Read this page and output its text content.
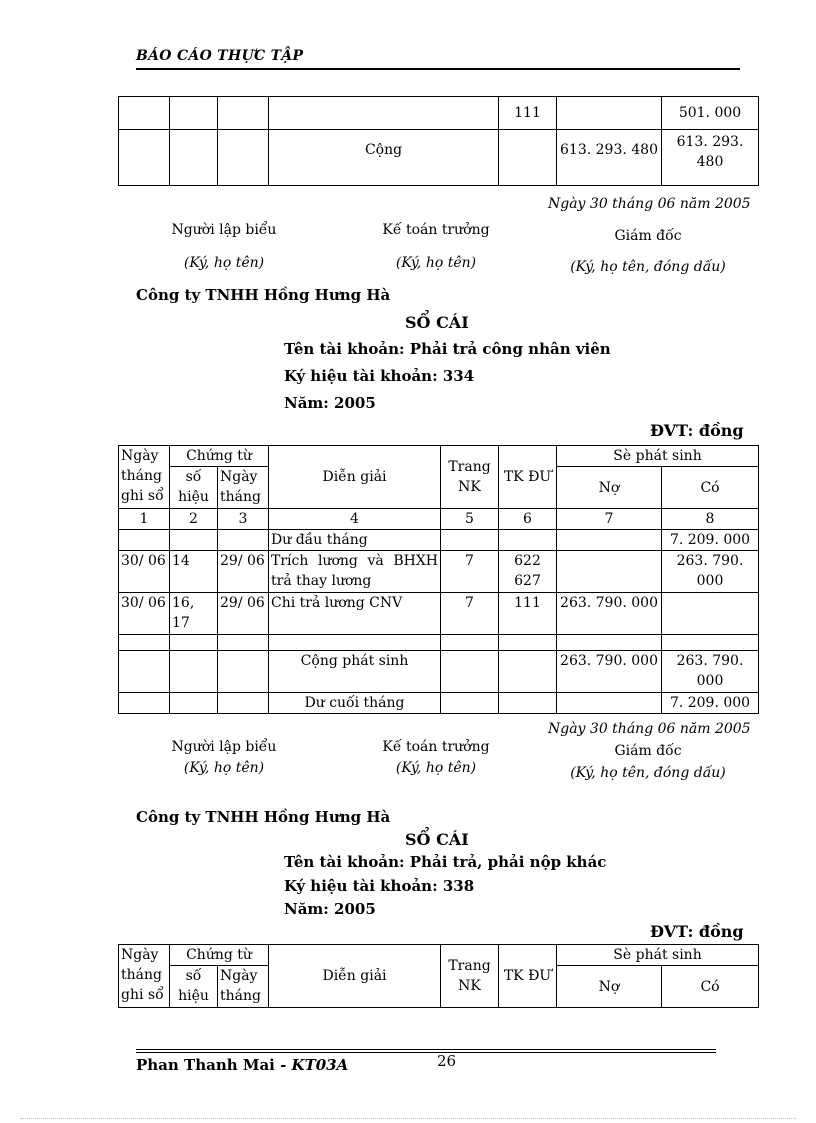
BÁO CÁO THỰC TẬP
				111		501. 000
			Cộng		613. 293. 480	613. 293. 480
Ngày 30 tháng 06 năm 2005
Người lập biểu	Kế toán trưởng	Giám đốc
(Ký, họ tên)	(Ký, họ tên)	(Ký, họ tên, đóng dấu)
Công ty TNHH Hồng Hưng Hà
SỔ CÁI
Tên tài khoản: Phải trả công nhân viên
Ký hiệu tài khoản: 334
Năm: 2005
ĐVT: đồng
Ngày tháng ghi sổ	Chứng từ		Diễn giải	Trang NK	TK ĐƯ	Sè phát sinh	
	số hiệu	Ngày tháng				Nợ	Có
1	2	3	4	5	6	7	8
			Dư đầu tháng				7. 209. 000
30/ 06	14	29/ 06	Trích lương và BHXH trả thay lương	7	622 627		263. 790. 000
30/ 06	16, 17	29/ 06	Chi trả lương CNV	7	111	263. 790. 000	

			Cộng phát sinh			263. 790. 000	263. 790. 000
			Dư cuối tháng				7. 209. 000
Ngày 30 tháng 06 năm 2005
Người lập biểu	Kế toán trưởng	Giám đốc
(Ký, họ tên)	(Ký, họ tên)	(Ký, họ tên, đóng dấu)
Công ty TNHH Hồng Hưng Hà
SỔ CÁI
Tên tài khoản: Phải trả, phải nộp khác
Ký hiệu tài khoản: 338
Năm: 2005
ĐVT: đồng
Ngày tháng ghi sổ	Chứng từ		Diễn giải	Trang NK	TK ĐƯ	Sè phát sinh	
	số hiệu	Ngày tháng				Nợ	Có
Phan Thanh Mai - KT03A	26
